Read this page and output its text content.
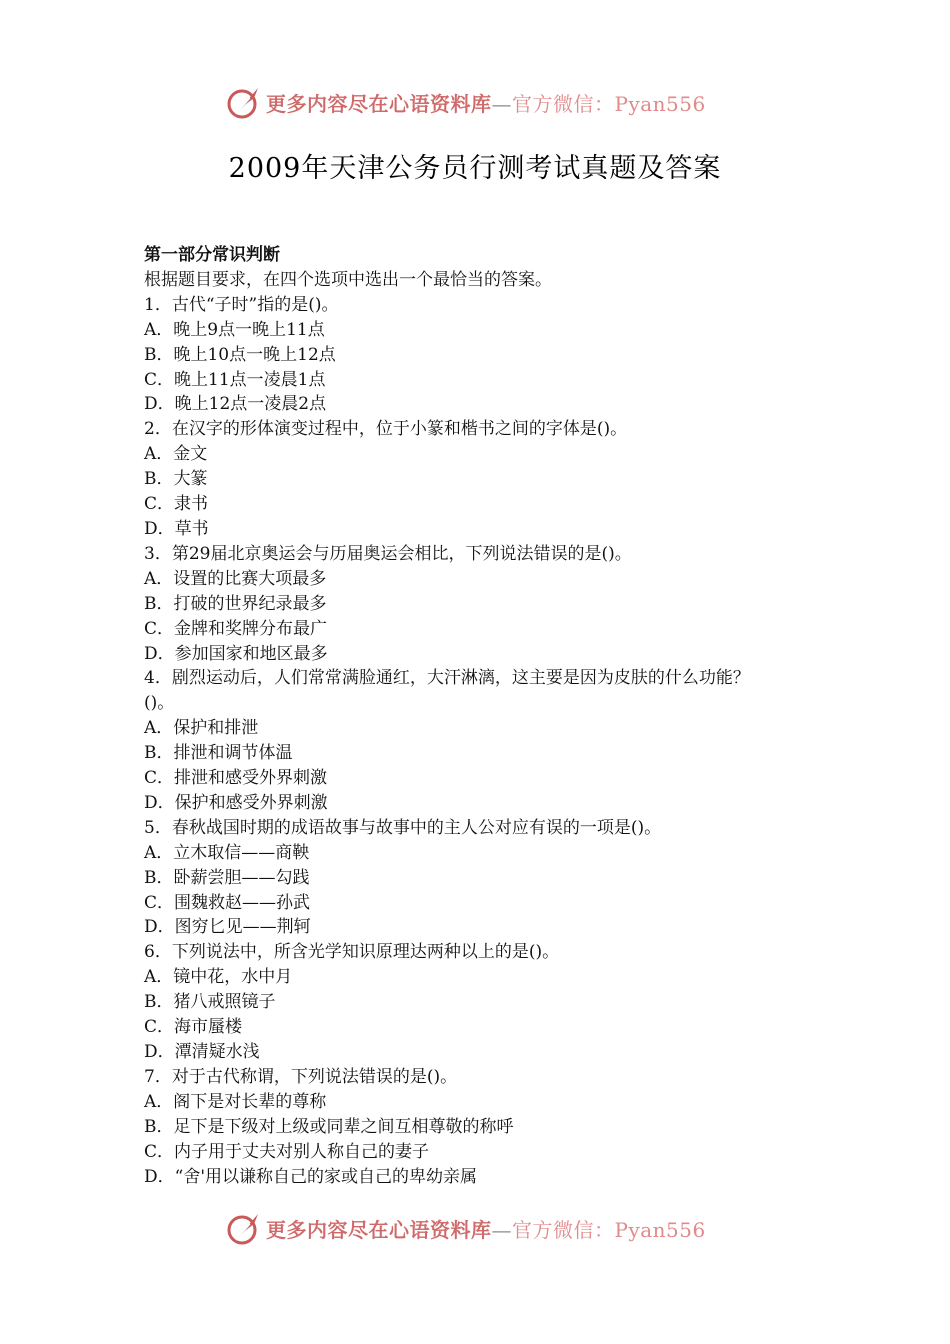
更多内容尽在心语资料库—官方微信：Pyan556
2009年天津公务员行测考试真题及答案
第一部分常识判断
根据题目要求，在四个选项中选出一个最恰当的答案。
1．古代“子时”指的是()。
A．晚上9点一晚上11点
B．晚上10点一晚上12点
C．晚上11点一凌晨1点
D．晚上12点一凌晨2点
2．在汉字的形体演变过程中，位于小篆和楷书之间的字体是()。
A．金文
B．大篆
C．隶书
D．草书
3．第29届北京奥运会与历届奥运会相比，下列说法错误的是()。
A．设置的比赛大项最多
B．打破的世界纪录最多
C．金牌和奖牌分布最广
D．参加国家和地区最多
4．剧烈运动后，人们常常满脸通红，大汗淋漓，这主要是因为皮肤的什么功能？
()。
A．保护和排泄
B．排泄和调节体温
C．排泄和感受外界刺激
D．保护和感受外界刺激
5．春秋战国时期的成语故事与故事中的主人公对应有误的一项是()。
A．立木取信——商鞅
B．卧薪尝胆——勾践
C．围魏救赵——孙武
D．图穷匕见——荆轲
6．下列说法中，所含光学知识原理达两种以上的是()。
A．镜中花，水中月
B．猪八戒照镜子
C．海市蜃楼
D．潭清疑水浅
7．对于古代称谓，下列说法错误的是()。
A．阁下是对长辈的尊称
B．足下是下级对上级或同辈之间互相尊敬的称呼
C．内子用于丈夫对别人称自己的妻子
D．“舍'用以谦称自己的家或自己的卑幼亲属
更多内容尽在心语资料库—官方微信：Pyan556
